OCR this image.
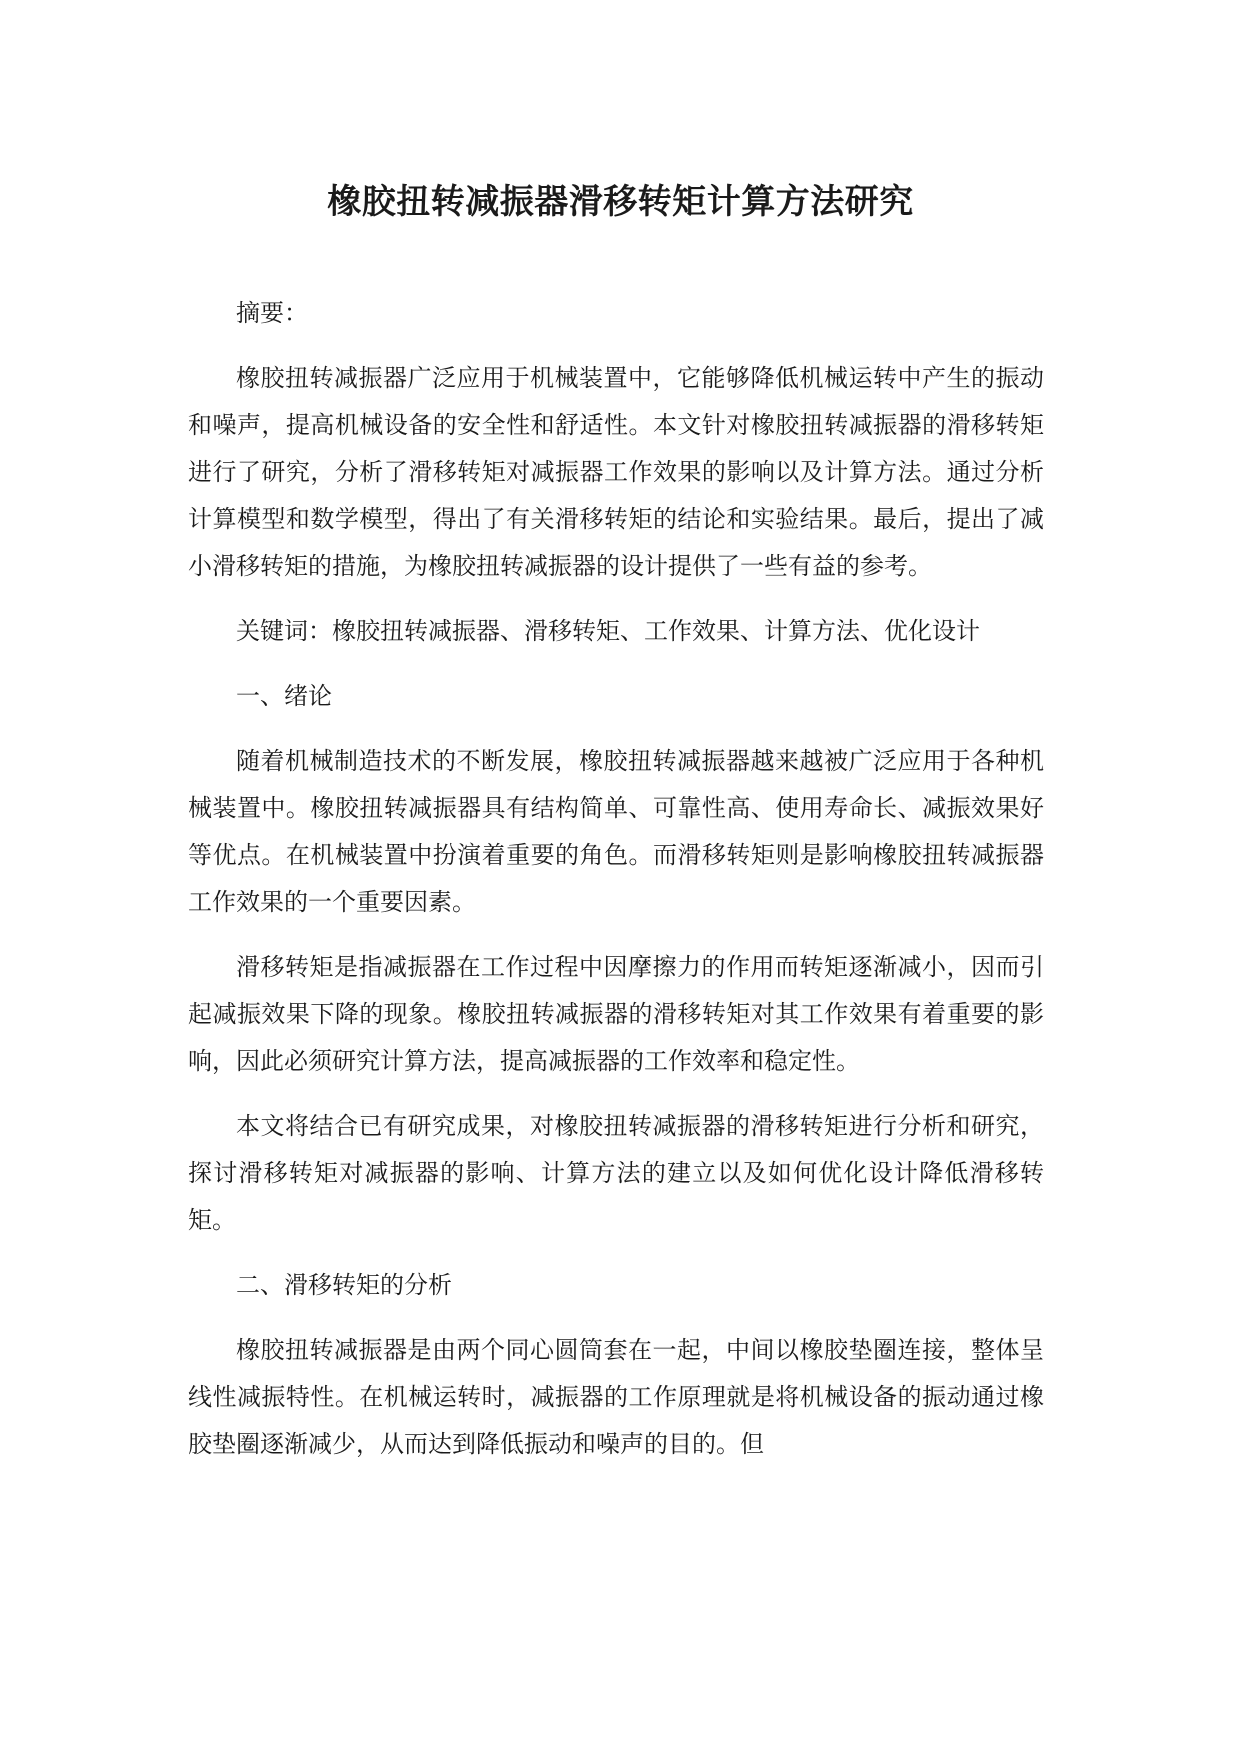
橡胶扭转减振器滑移转矩计算方法研究

摘要：

橡胶扭转减振器广泛应用于机械装置中，它能够降低机械运转中产生的振动和噪声，提高机械设备的安全性和舒适性。本文针对橡胶扭转减振器的滑移转矩进行了研究，分析了滑移转矩对减振器工作效果的影响以及计算方法。通过分析计算模型和数学模型，得出了有关滑移转矩的结论和实验结果。最后，提出了减小滑移转矩的措施，为橡胶扭转减振器的设计提供了一些有益的参考。

关键词：橡胶扭转减振器、滑移转矩、工作效果、计算方法、优化设计

一、绪论

随着机械制造技术的不断发展，橡胶扭转减振器越来越被广泛应用于各种机械装置中。橡胶扭转减振器具有结构简单、可靠性高、使用寿命长、减振效果好等优点。在机械装置中扮演着重要的角色。而滑移转矩则是影响橡胶扭转减振器工作效果的一个重要因素。

滑移转矩是指减振器在工作过程中因摩擦力的作用而转矩逐渐减小，因而引起减振效果下降的现象。橡胶扭转减振器的滑移转矩对其工作效果有着重要的影响，因此必须研究计算方法，提高减振器的工作效率和稳定性。

本文将结合已有研究成果，对橡胶扭转减振器的滑移转矩进行分析和研究，探讨滑移转矩对减振器的影响、计算方法的建立以及如何优化设计降低滑移转矩。

二、滑移转矩的分析

橡胶扭转减振器是由两个同心圆筒套在一起，中间以橡胶垫圈连接，整体呈线性减振特性。在机械运转时，减振器的工作原理就是将机械设备的振动通过橡胶垫圈逐渐减少，从而达到降低振动和噪声的目的。但
